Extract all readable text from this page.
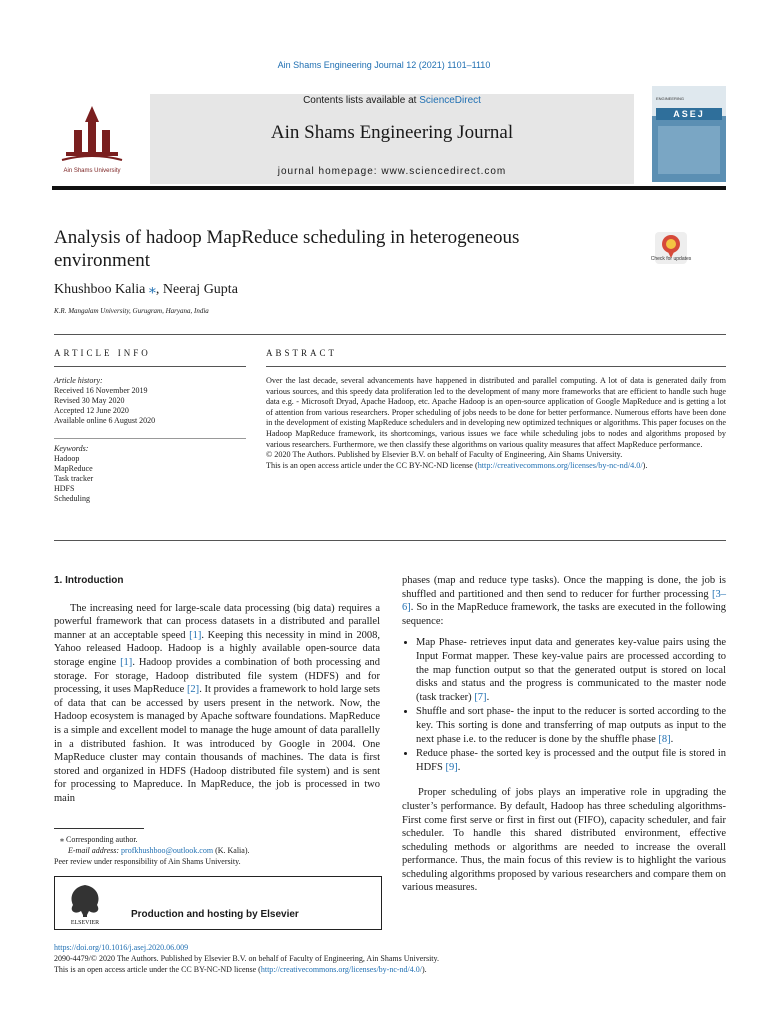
Ain Shams Engineering Journal 12 (2021) 1101–1110
Ain Shams University
Contents lists available at ScienceDirect
Ain Shams Engineering Journal
journal homepage: www.sciencedirect.com
ENGINEERING
ASEJ
Analysis of hadoop MapReduce scheduling in heterogeneous environment	Check for updates
Khushboo Kalia ⁎, Neeraj Gupta
K.R. Mangalam University, Gurugram, Haryana, India
ARTICLE INFO
Article history:
Received 16 November 2019
Revised 30 May 2020
Accepted 12 June 2020
Available online 6 August 2020
Keywords:
Hadoop
MapReduce
Task tracker
HDFS
Scheduling
ABSTRACT
Over the last decade, several advancements have happened in distributed and parallel computing. A lot of data is generated daily from various sources, and this speedy data proliferation led to the development of many more frameworks that are efficient to handle such huge data e.g. - Microsoft Dryad, Apache Hadoop, etc. Apache Hadoop is an open-source application of Google MapReduce and is getting a lot of attention from various researchers. Proper scheduling of jobs needs to be done for better performance. Numerous efforts have been done in the development of existing MapReduce schedulers and in developing new optimized techniques or algorithms. This paper focuses on the Hadoop MapReduce framework, its shortcomings, various issues we face while scheduling jobs to nodes and algorithms proposed by various researchers. Furthermore, we then classify these algorithms on various quality measures that affect MapReduce performance.
© 2020 The Authors. Published by Elsevier B.V. on behalf of Faculty of Engineering, Ain Shams University.
This is an open access article under the CC BY-NC-ND license (http://creativecommons.org/licenses/by-nc-nd/4.0/).
1. Introduction

The increasing need for large-scale data processing (big data) requires a powerful framework that can process datasets in a distributed and parallel manner at an acceptable speed [1]. Keeping this necessity in mind in 2008, Yahoo released Hadoop. Hadoop is a highly available open-source data storage engine [1]. Hadoop provides a combination of both processing and storage. For storage, Hadoop distributed file system (HDFS) and for processing, it uses MapReduce [2]. It provides a framework to hold large sets of data that can be accessed by users present in the network. Now, the Hadoop ecosystem is managed by Apache software foundations. MapReduce is a simple and excellent model to manage the huge amount of data parallelly in a distributed fashion. It was introduced by Google in 2004. One MapReduce cluster may contain thousands of machines. The data is first stored and organized in HDFS (Hadoop distributed file system) and is sent for processing to Mapreduce. In MapReduce, the job is processed in two main

phases (map and reduce type tasks). Once the mapping is done, the job is shuffled and partitioned and then send to reducer for further processing [3–6]. So in the MapReduce framework, the tasks are executed in the following sequence:

• Map Phase- retrieves input data and generates key-value pairs using the Input Format mapper. These key-value pairs are processed according to the map function output so that the generated output is stored on local disks and status and the progress is communicated to the master node (task tracker) [7].
• Shuffle and sort phase- the input to the reducer is sorted according to the key. This sorting is done and transferring of map outputs as input to the next phase i.e. to the reducer is done by the shuffle phase [8].
• Reduce phase- the sorted key is processed and the output file is stored in HDFS [9].

Proper scheduling of jobs plays an imperative role in upgrading the cluster’s performance. By default, Hadoop has three scheduling algorithms- First come first serve or first in first out (FIFO), capacity scheduler, and fair scheduler. To handle this shared distributed environment, effective scheduling methods or algorithms are needed to increase the overall performance. Thus, the main focus of this review is to highlight the various scheduling algorithms proposed by various researchers and compare them on various measures.

⁎ Corresponding author.
E-mail address: profkhushboo@outlook.com (K. Kalia).
Peer review under responsibility of Ain Shams University.
ELSEVIER
Production and hosting by Elsevier
https://doi.org/10.1016/j.asej.2020.06.009
2090-4479/© 2020 The Authors. Published by Elsevier B.V. on behalf of Faculty of Engineering, Ain Shams University.
This is an open access article under the CC BY-NC-ND license (http://creativecommons.org/licenses/by-nc-nd/4.0/).
